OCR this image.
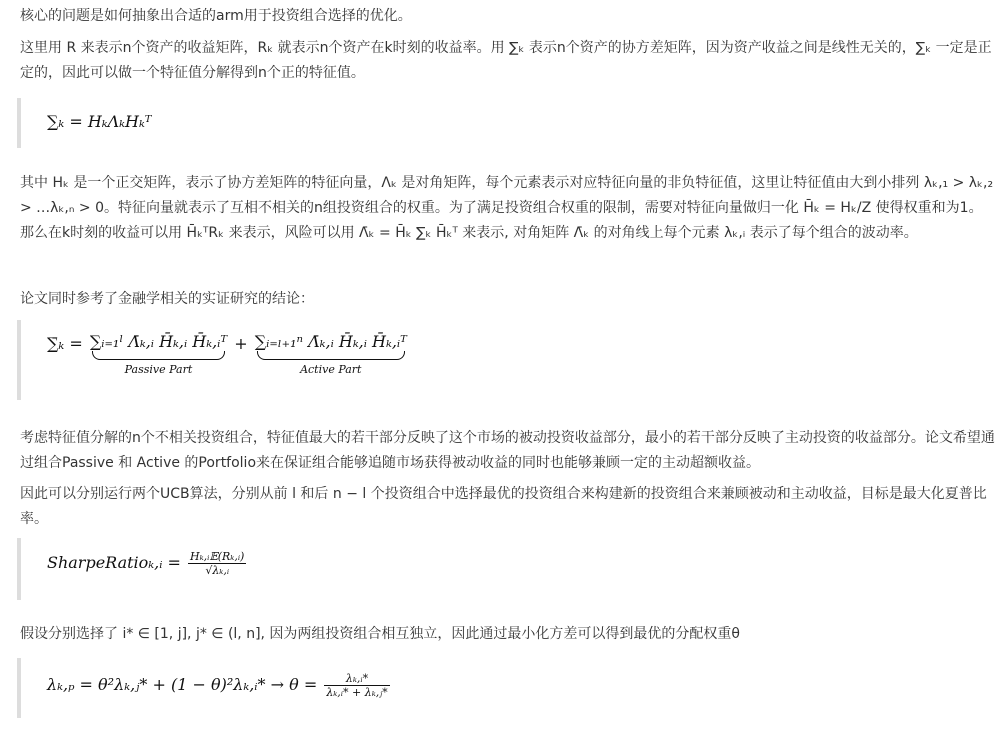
核心的问题是如何抽象出合适的arm用于投资组合选择的优化。

这里用 R 来表示n个资产的收益矩阵，Rₖ 就表示n个资产在k时刻的收益率。用 ∑ₖ 表示n个资产的协方差矩阵，因为资产收益之间是线性无关的，∑ₖ 一定是正定的，因此可以做一个特征值分解得到n个正的特征值。

∑ₖ = HₖΛₖHₖᵀ

其中 Hₖ 是一个正交矩阵，表示了协方差矩阵的特征向量，Λₖ 是对角矩阵，每个元素表示对应特征向量的非负特征值，这里让特征值由大到小排列 λₖ,₁ > λₖ,₂ > …λₖ,ₙ > 0。特征向量就表示了互相不相关的n组投资组合的权重。为了满足投资组合权重的限制，需要对特征向量做归一化 H̄ₖ = Hₖ/Z 使得权重和为1。那么在k时刻的收益可以用 H̄ₖᵀRₖ 来表示，风险可以用 Λ̄ₖ = H̄ₖ ∑ₖ H̄ₖᵀ 来表示, 对角矩阵 Λ̄ₖ 的对角线上每个元素 λₖ,ᵢ 表示了每个组合的波动率。

论文同时参考了金融学相关的实证研究的结论：

∑̄ₖ = ∑ᵢ₌₁ˡ Λ̄ₖ,ᵢ H̄ₖ,ᵢ H̄ₖ,ᵢᵀ
Passive Part
+ ∑ᵢ₌ₗ₊₁ⁿ Λ̄ₖ,ᵢ H̄ₖ,ᵢ H̄ₖ,ᵢᵀ
Active Part

考虑特征值分解的n个不相关投资组合，特征值最大的若干部分反映了这个市场的被动投资收益部分，最小的若干部分反映了主动投资的收益部分。论文希望通过组合Passive 和 Active 的Portfolio来在保证组合能够追随市场获得被动收益的同时也能够兼顾一定的主动超额收益。

因此可以分别运行两个UCB算法，分别从前 l 和后 n − l 个投资组合中选择最优的投资组合来构建新的投资组合来兼顾被动和主动收益，目标是最大化夏普比率。

SharpeRatioₖ,ᵢ = $\frac{\text{Hₖ,ᵢ𝔼(Rₖ,ᵢ)}}{\text{√λₖ,ᵢ}}$

假设分别选择了 i* ∈ [1, j], j* ∈ (l, n], 因为两组投资组合相互独立，因此通过最小化方差可以得到最优的分配权重θ

λₖ,ₚ = θ²λₖ,ⱼ* + (1 − θ)²λₖ,ᵢ* → $\theta = \frac{\text{λₖ,ᵢ*}}{\text{λₖ,ᵢ* + λₖ,ⱼ*}}$
